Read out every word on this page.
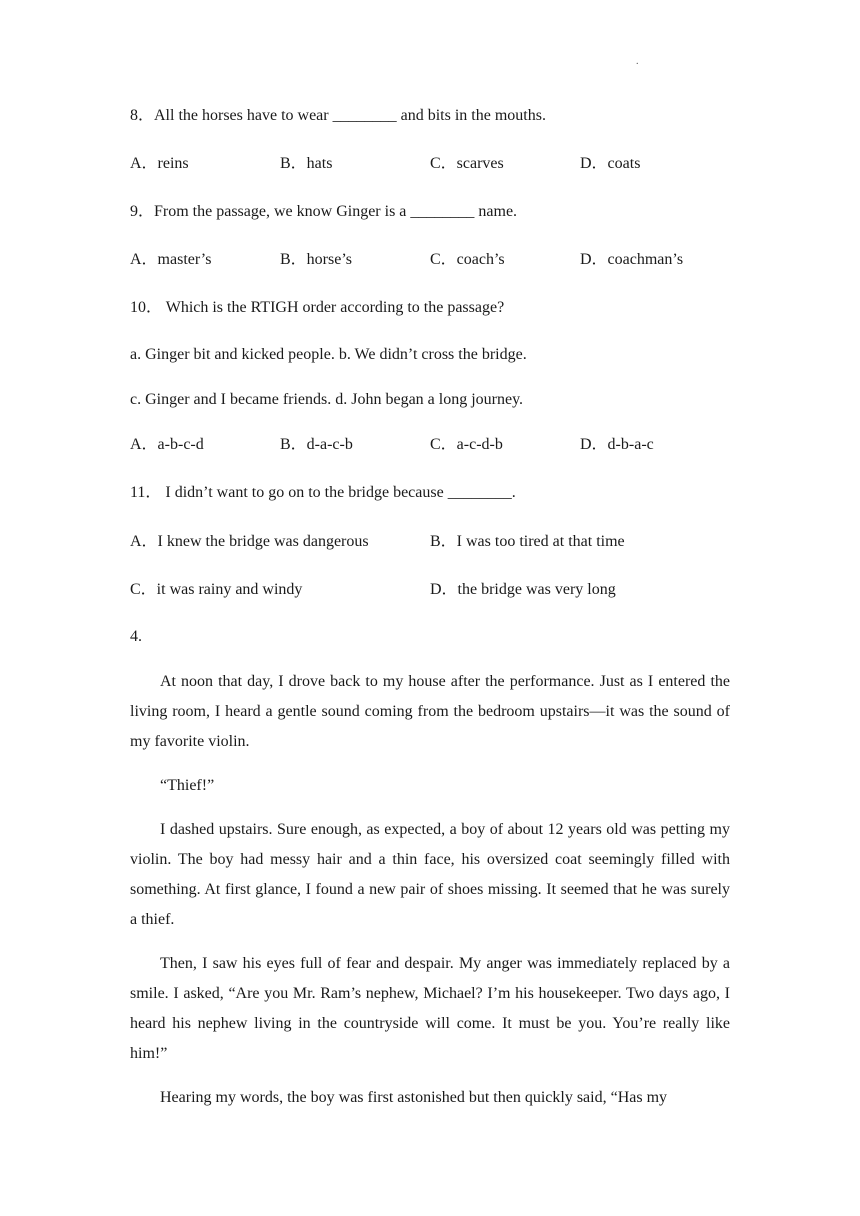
.
8．All the horses have to wear ________ and bits in the mouths.
A．reins	B．hats	C．scarves	D．coats
9．From the passage, we know Ginger is a ________ name.
A．master’s	B．horse’s	C．coach’s	D．coachman’s
10． Which is the RTIGH order according to the passage?
a. Ginger bit and kicked people. b. We didn’t cross the bridge.
c. Ginger and I became friends. d. John began a long journey.
A．a-b-c-d	B．d-a-c-b	C．a-c-d-b	D．d-b-a-c
11． I didn’t want to go on to the bridge because ________.
A．I knew the bridge was dangerous	B．I was too tired at that time
C．it was rainy and windy	D．the bridge was very long
4.
At noon that day, I drove back to my house after the performance. Just as I entered the living room, I heard a gentle sound coming from the bedroom upstairs—it was the sound of my favorite violin.
“Thief!”
I dashed upstairs. Sure enough, as expected, a boy of about 12 years old was petting my violin. The boy had messy hair and a thin face, his oversized coat seemingly filled with something. At first glance, I found a new pair of shoes missing. It seemed that he was surely a thief.
Then, I saw his eyes full of fear and despair. My anger was immediately replaced by a smile. I asked, “Are you Mr. Ram’s nephew, Michael? I’m his housekeeper. Two days ago, I heard his nephew living in the countryside will come. It must be you. You’re really like him!”
Hearing my words, the boy was first astonished but then quickly said, “Has my
